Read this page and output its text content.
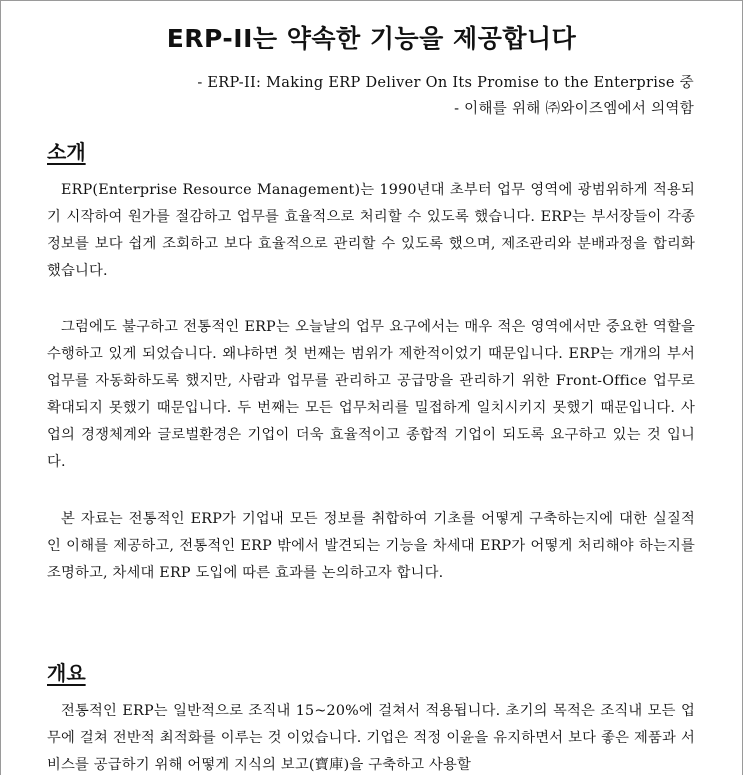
ERP-II는 약속한 기능을 제공합니다
- ERP-II: Making ERP Deliver On Its Promise to the Enterprise 중
- 이해를 위해 ㈜와이즈엠에서 의역함
소개

ERP(Enterprise Resource Management)는 1990년대 초부터 업무 영역에 광범위하게 적용되기 시작하여 원가를 절감하고 업무를 효율적으로 처리할 수 있도록 했습니다. ERP는 부서장들이 각종 정보를 보다 쉽게 조회하고 보다 효율적으로 관리할 수 있도록 했으며, 제조관리와 분배과정을 합리화 했습니다.

그럼에도 불구하고 전통적인 ERP는 오늘날의 업무 요구에서는 매우 적은 영역에서만 중요한 역할을 수행하고 있게 되었습니다. 왜냐하면 첫 번째는 범위가 제한적이었기 때문입니다. ERP는 개개의 부서업무를 자동화하도록 했지만, 사람과 업무를 관리하고 공급망을 관리하기 위한 Front-Office 업무로 확대되지 못했기 때문입니다. 두 번째는 모든 업무처리를 밀접하게 일치시키지 못했기 때문입니다. 사업의 경쟁체계와 글로벌환경은 기업이 더욱 효율적이고 종합적 기업이 되도록 요구하고 있는 것 입니다.

본 자료는 전통적인 ERP가 기업내 모든 정보를 취합하여 기초를 어떻게 구축하는지에 대한 실질적인 이해를 제공하고, 전통적인 ERP 밖에서 발견되는 기능을 차세대 ERP가 어떻게 처리해야 하는지를 조명하고, 차세대 ERP 도입에 따른 효과를 논의하고자 합니다.

개요

전통적인 ERP는 일반적으로 조직내 15~20%에 걸쳐서 적용됩니다. 초기의 목적은 조직내 모든 업무에 걸쳐 전반적 최적화를 이루는 것 이었습니다. 기업은 적정 이윤을 유지하면서 보다 좋은 제품과 서비스를 공급하기 위해 어떻게 지식의 보고(寶庫)을 구축하고 사용할
